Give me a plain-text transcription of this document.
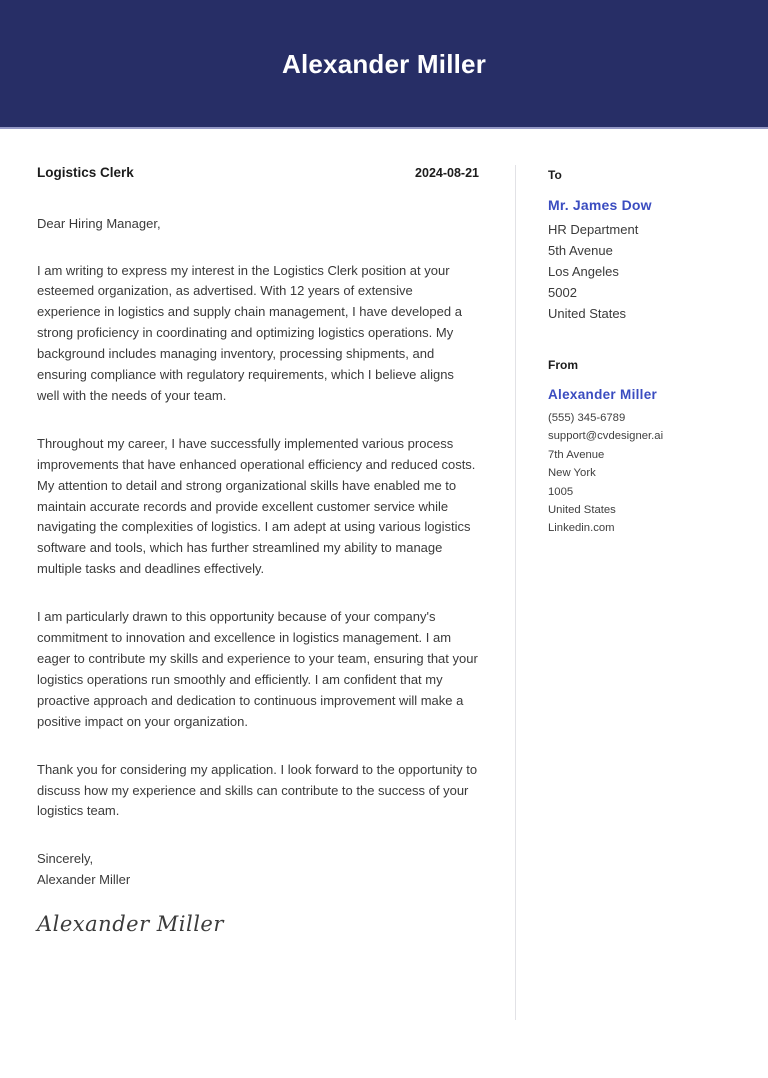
Alexander Miller
Logistics Clerk	2024-08-21
Dear Hiring Manager,

I am writing to express my interest in the Logistics Clerk position at your esteemed organization, as advertised. With 12 years of extensive experience in logistics and supply chain management, I have developed a strong proficiency in coordinating and optimizing logistics operations. My background includes managing inventory, processing shipments, and ensuring compliance with regulatory requirements, which I believe aligns well with the needs of your team.

Throughout my career, I have successfully implemented various process improvements that have enhanced operational efficiency and reduced costs. My attention to detail and strong organizational skills have enabled me to maintain accurate records and provide excellent customer service while navigating the complexities of logistics. I am adept at using various logistics software and tools, which has further streamlined my ability to manage multiple tasks and deadlines effectively.

I am particularly drawn to this opportunity because of your company's commitment to innovation and excellence in logistics management. I am eager to contribute my skills and experience to your team, ensuring that your logistics operations run smoothly and efficiently. I am confident that my proactive approach and dedication to continuous improvement will make a positive impact on your organization.

Thank you for considering my application. I look forward to the opportunity to discuss how my experience and skills can contribute to the success of your logistics team.

Sincerely,
Alexander Miller
Alexander Miller
To
Mr. James Dow
HR Department
5th Avenue
Los Angeles
5002
United States
From
Alexander Miller
(555) 345-6789
support@cvdesigner.ai
7th Avenue
New York
1005
United States
Linkedin.com
